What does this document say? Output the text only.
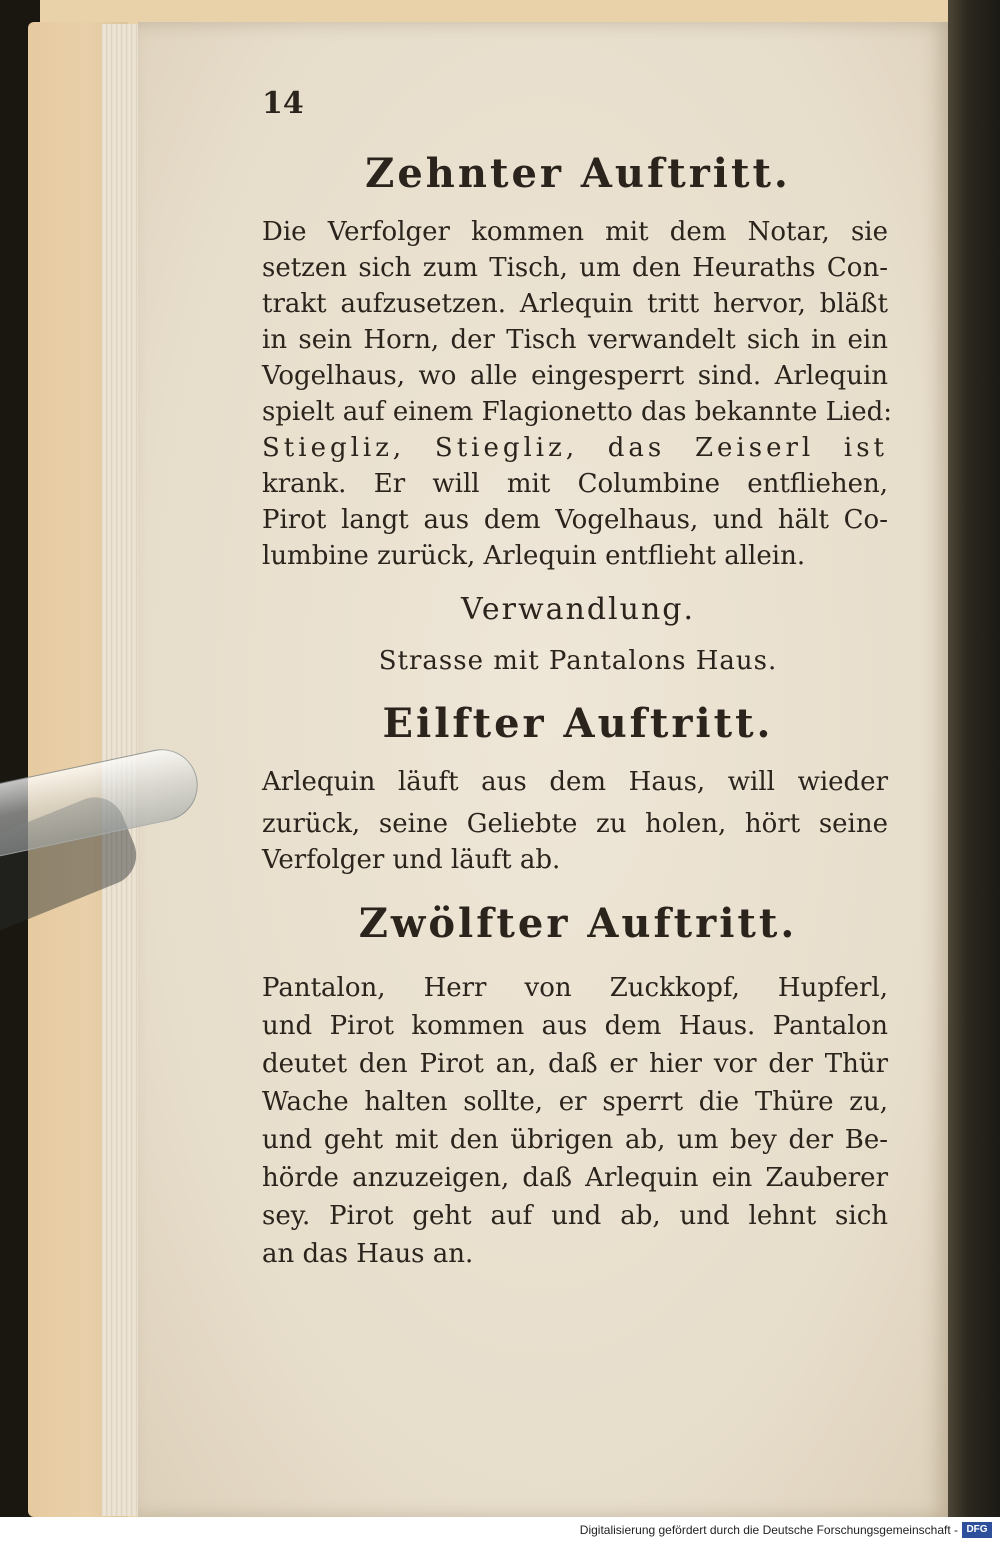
14
Zehnter Auftritt.
Die Verfolger kommen mit dem Notar, sie
setzen sich zum Tisch, um den Heuraths Con-
trakt aufzusetzen. Arlequin tritt hervor, bläßt
in sein Horn, der Tisch verwandelt sich in ein
Vogelhaus, wo alle eingesperrt sind. Arlequin
spielt auf einem Flagionetto das bekannte Lied:
Stiegliz, Stiegliz, das Zeiserl ist
krank. Er will mit Columbine entfliehen,
Pirot langt aus dem Vogelhaus, und hält Co-
lumbine zurück, Arlequin entflieht allein.
Verwandlung.
Strasse mit Pantalons Haus.
Eilfter Auftritt.
Arlequin läuft aus dem Haus, will wieder
zurück, seine Geliebte zu holen, hört seine
Verfolger und läuft ab.
Zwölfter Auftritt.
Pantalon, Herr von Zuckkopf, Hupferl,
und Pirot kommen aus dem Haus. Pantalon
deutet den Pirot an, daß er hier vor der Thür
Wache halten sollte, er sperrt die Thüre zu,
und geht mit den übrigen ab, um bey der Be-
hörde anzuzeigen, daß Arlequin ein Zauberer
sey. Pirot geht auf und ab, und lehnt sich
an das Haus an.
Digitalisierung gefördert durch die Deutsche Forschungsgemeinschaft - DFG
